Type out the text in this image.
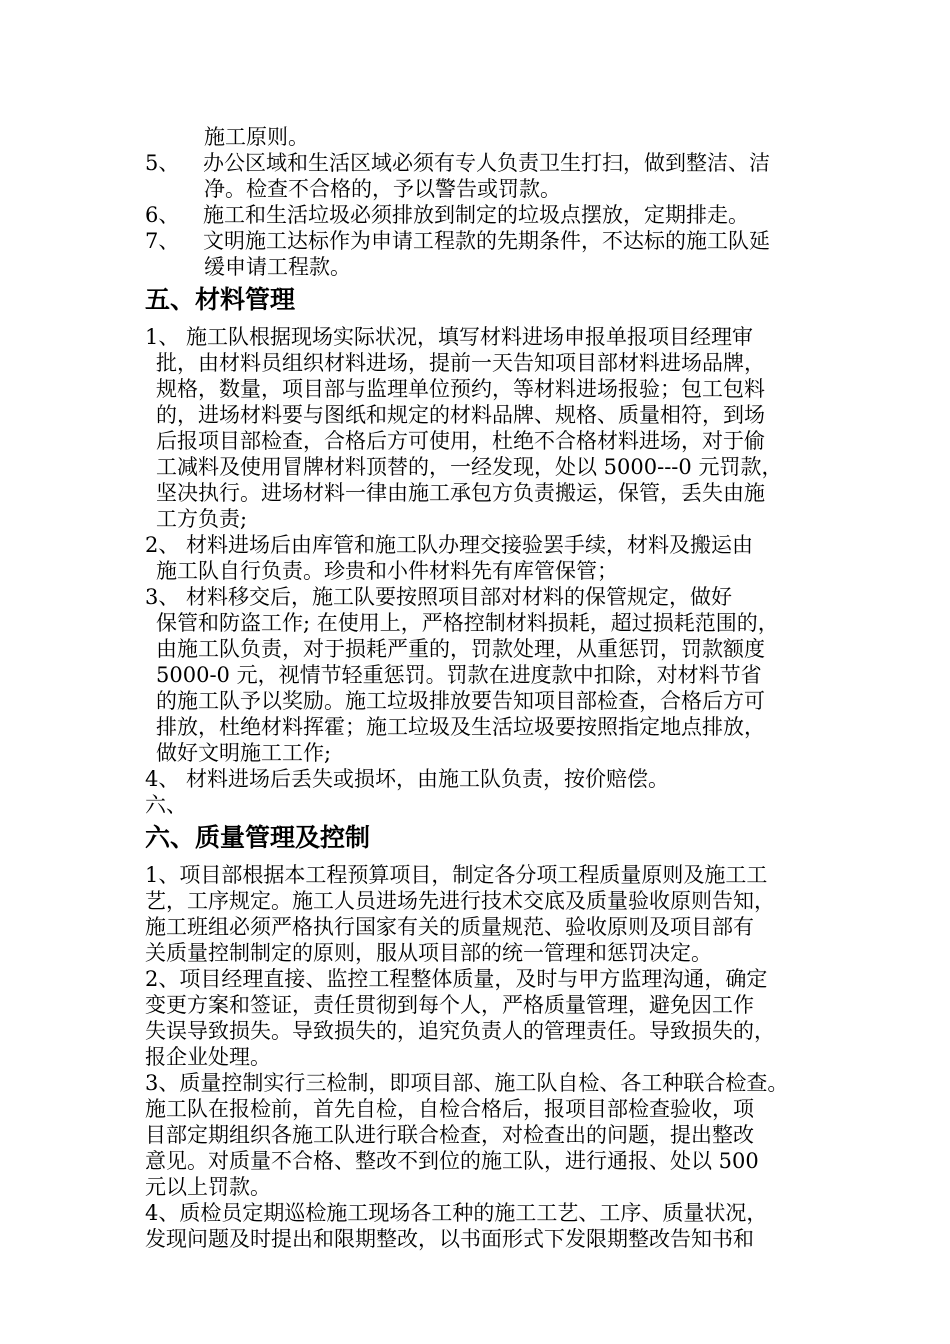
施工原则。
5、 办公区域和生活区域必须有专人负责卫生打扫，做到整洁、洁
净。检查不合格的，予以警告或罚款。
6、 施工和生活垃圾必须排放到制定的垃圾点摆放，定期排走。
7、 文明施工达标作为申请工程款的先期条件，不达标的施工队延
缓申请工程款。
五、材料管理
1、 施工队根据现场实际状况，填写材料进场申报单报项目经理审
批，由材料员组织材料进场，提前一天告知项目部材料进场品牌，
规格，数量，项目部与监理单位预约，等材料进场报验；包工包料
的，进场材料要与图纸和规定的材料品牌、规格、质量相符，到场
后报项目部检查，合格后方可使用，杜绝不合格材料进场，对于偷
工减料及使用冒牌材料顶替的，一经发现，处以 5000---0 元罚款，
坚决执行。进场材料一律由施工承包方负责搬运，保管，丢失由施
工方负责;
2、 材料进场后由库管和施工队办理交接验罢手续，材料及搬运由
施工队自行负责。珍贵和小件材料先有库管保管；
3、 材料移交后，施工队要按照项目部对材料的保管规定，做好
保管和防盗工作; 在使用上，严格控制材料损耗，超过损耗范围的，
由施工队负责，对于损耗严重的，罚款处理，从重惩罚，罚款额度
5000-0 元，视情节轻重惩罚。罚款在进度款中扣除，对材料节省
的施工队予以奖励。施工垃圾排放要告知项目部检查，合格后方可
排放，杜绝材料挥霍；施工垃圾及生活垃圾要按照指定地点排放，
做好文明施工工作;
4、 材料进场后丢失或损坏，由施工队负责，按价赔偿。
六、
六、质量管理及控制
1、项目部根据本工程预算项目，制定各分项工程质量原则及施工工
艺，工序规定。施工人员进场先进行技术交底及质量验收原则告知，
施工班组必须严格执行国家有关的质量规范、验收原则及项目部有
关质量控制制定的原则，服从项目部的统一管理和惩罚决定。
2、项目经理直接、监控工程整体质量，及时与甲方监理沟通，确定
变更方案和签证，责任贯彻到每个人，严格质量管理，避免因工作
失误导致损失。导致损失的，追究负责人的管理责任。导致损失的，
报企业处理。
3、质量控制实行三检制，即项目部、施工队自检、各工种联合检查。
施工队在报检前，首先自检，自检合格后，报项目部检查验收，项
目部定期组织各施工队进行联合检查，对检查出的问题，提出整改
意见。对质量不合格、整改不到位的施工队，进行通报、处以 500
元以上罚款。
4、质检员定期巡检施工现场各工种的施工工艺、工序、质量状况，
发现问题及时提出和限期整改，以书面形式下发限期整改告知书和
